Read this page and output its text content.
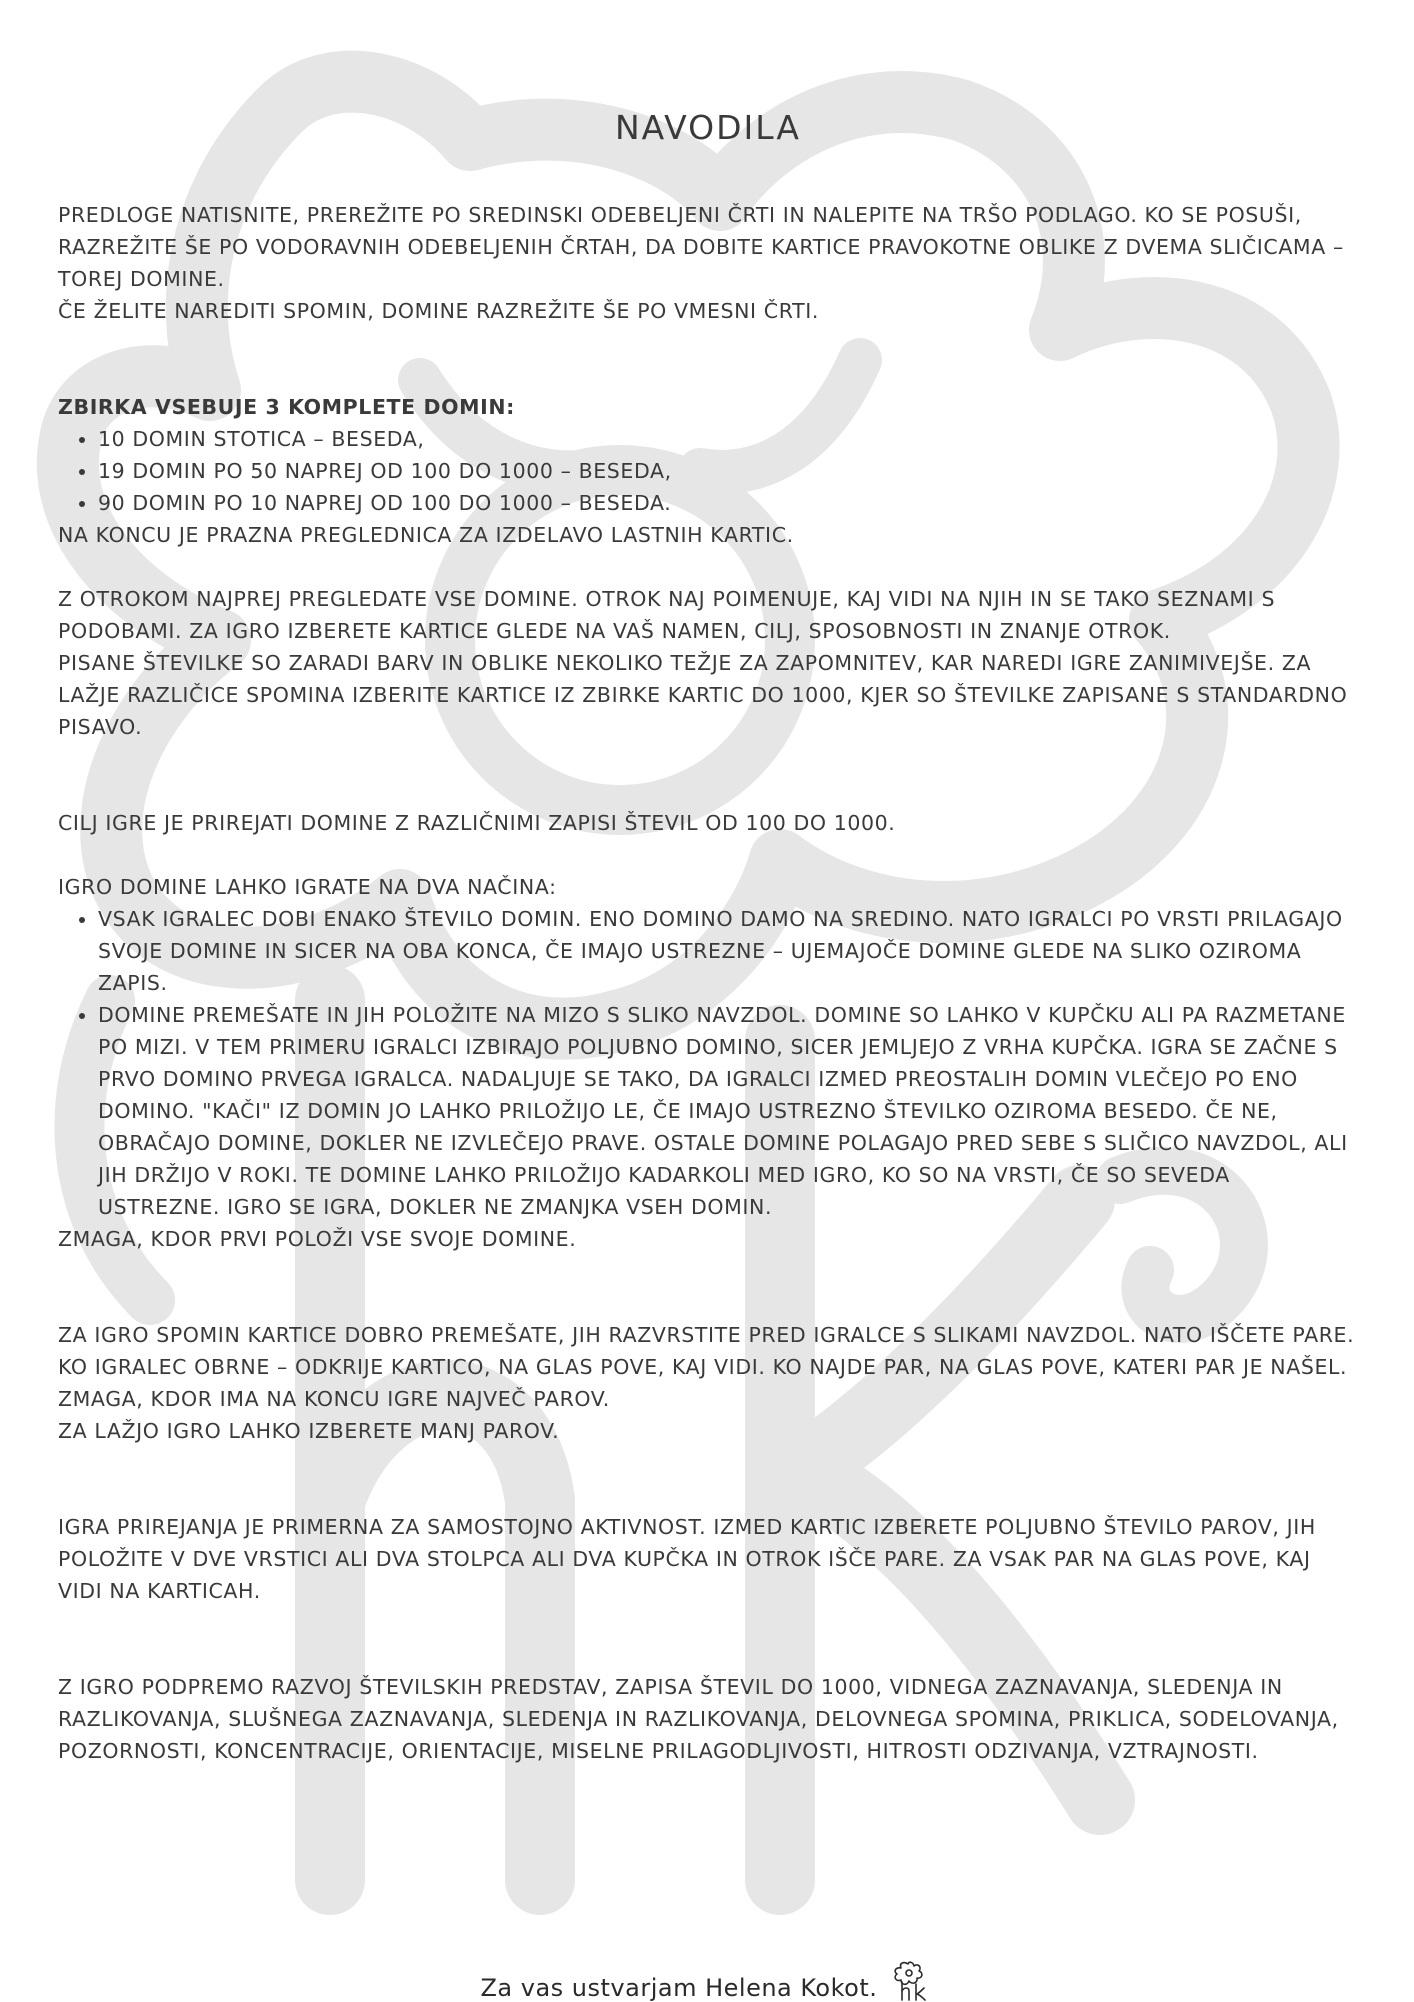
NAVODILA

PREDLOGE NATISNITE, PREREŽITE PO SREDINSKI ODEBELJENI ČRTI IN NALEPITE NA TRŠO PODLAGO. KO SE POSUŠI, RAZREŽITE ŠE PO VODORAVNIH ODEBELJENIH ČRTAH, DA DOBITE KARTICE PRAVOKOTNE OBLIKE Z DVEMA SLIČICAMA – TOREJ DOMINE.

ČE ŽELITE NAREDITI SPOMIN, DOMINE RAZREŽITE ŠE PO VMESNI ČRTI.

ZBIRKA VSEBUJE 3 KOMPLETE DOMIN:

• 10 DOMIN STOTICA – BESEDA,
• 19 DOMIN PO 50 NAPREJ OD 100 DO 1000 – BESEDA,
• 90 DOMIN PO 10 NAPREJ OD 100 DO 1000 – BESEDA.

NA KONCU JE PRAZNA PREGLEDNICA ZA IZDELAVO LASTNIH KARTIC.

Z OTROKOM NAJPREJ PREGLEDATE VSE DOMINE. OTROK NAJ POIMENUJE, KAJ VIDI NA NJIH IN SE TAKO SEZNAMI S PODOBAMI. ZA IGRO IZBERETE KARTICE GLEDE NA VAŠ NAMEN, CILJ, SPOSOBNOSTI IN ZNANJE OTROK.

PISANE ŠTEVILKE SO ZARADI BARV IN OBLIKE NEKOLIKO TEŽJE ZA ZAPOMNITEV, KAR NAREDI IGRE ZANIMIVEJŠE. ZA LAŽJE RAZLIČICE SPOMINA IZBERITE KARTICE IZ ZBIRKE KARTIC DO 1000, KJER SO ŠTEVILKE ZAPISANE S STANDARDNO PISAVO.

CILJ IGRE JE PRIREJATI DOMINE Z RAZLIČNIMI ZAPISI ŠTEVIL OD 100 DO 1000.

IGRO DOMINE LAHKO IGRATE NA DVA NAČINA:

• VSAK IGRALEC DOBI ENAKO ŠTEVILO DOMIN. ENO DOMINO DAMO NA SREDINO. NATO IGRALCI PO VRSTI PRILAGAJO SVOJE DOMINE IN SICER NA OBA KONCA, ČE IMAJO USTREZNE – UJEMAJOČE DOMINE GLEDE NA SLIKO OZIROMA ZAPIS.
• DOMINE PREMEŠATE IN JIH POLOŽITE NA MIZO S SLIKO NAVZDOL. DOMINE SO LAHKO V KUPČKU ALI PA RAZMETANE PO MIZI. V TEM PRIMERU IGRALCI IZBIRAJO POLJUBNO DOMINO, SICER JEMLJEJO Z VRHA KUPČKA. IGRA SE ZAČNE S PRVO DOMINO PRVEGA IGRALCA. NADALJUJE SE TAKO, DA IGRALCI IZMED PREOSTALIH DOMIN VLEČEJO PO ENO DOMINO. "KAČI" IZ DOMIN JO LAHKO PRILOŽIJO LE, ČE IMAJO USTREZNO ŠTEVILKO OZIROMA BESEDO. ČE NE, OBRAČAJO DOMINE, DOKLER NE IZVLEČEJO PRAVE. OSTALE DOMINE POLAGAJO PRED SEBE S SLIČICO NAVZDOL, ALI JIH DRŽIJO V ROKI. TE DOMINE LAHKO PRILOŽIJO KADARKOLI MED IGRO, KO SO NA VRSTI, ČE SO SEVEDA USTREZNE. IGRO SE IGRA, DOKLER NE ZMANJKA VSEH DOMIN.

ZMAGA, KDOR PRVI POLOŽI VSE SVOJE DOMINE.

ZA IGRO SPOMIN KARTICE DOBRO PREMEŠATE, JIH RAZVRSTITE PRED IGRALCE S SLIKAMI NAVZDOL. NATO IŠČETE PARE. KO IGRALEC OBRNE – ODKRIJE KARTICO, NA GLAS POVE, KAJ VIDI. KO NAJDE PAR, NA GLAS POVE, KATERI PAR JE NAŠEL.

ZMAGA, KDOR IMA NA KONCU IGRE NAJVEČ PAROV.

ZA LAŽJO IGRO LAHKO IZBERETE MANJ PAROV.

IGRA PRIREJANJA JE PRIMERNA ZA SAMOSTOJNO AKTIVNOST. IZMED KARTIC IZBERETE POLJUBNO ŠTEVILO PAROV, JIH POLOŽITE V DVE VRSTICI ALI DVA STOLPCA ALI DVA KUPČKA IN OTROK IŠČE PARE. ZA VSAK PAR NA GLAS POVE, KAJ VIDI NA KARTICAH.

Z IGRO PODPREMO RAZVOJ ŠTEVILSKIH PREDSTAV, ZAPISA ŠTEVIL DO 1000, VIDNEGA ZAZNAVANJA, SLEDENJA IN RAZLIKOVANJA, SLUŠNEGA ZAZNAVANJA, SLEDENJA IN RAZLIKOVANJA, DELOVNEGA SPOMINA, PRIKLICA, SODELOVANJA, POZORNOSTI, KONCENTRACIJE, ORIENTACIJE, MISELNE PRILAGODLJIVOSTI, HITROSTI ODZIVANJA, VZTRAJNOSTI.

Za vas ustvarjam Helena Kokot.
